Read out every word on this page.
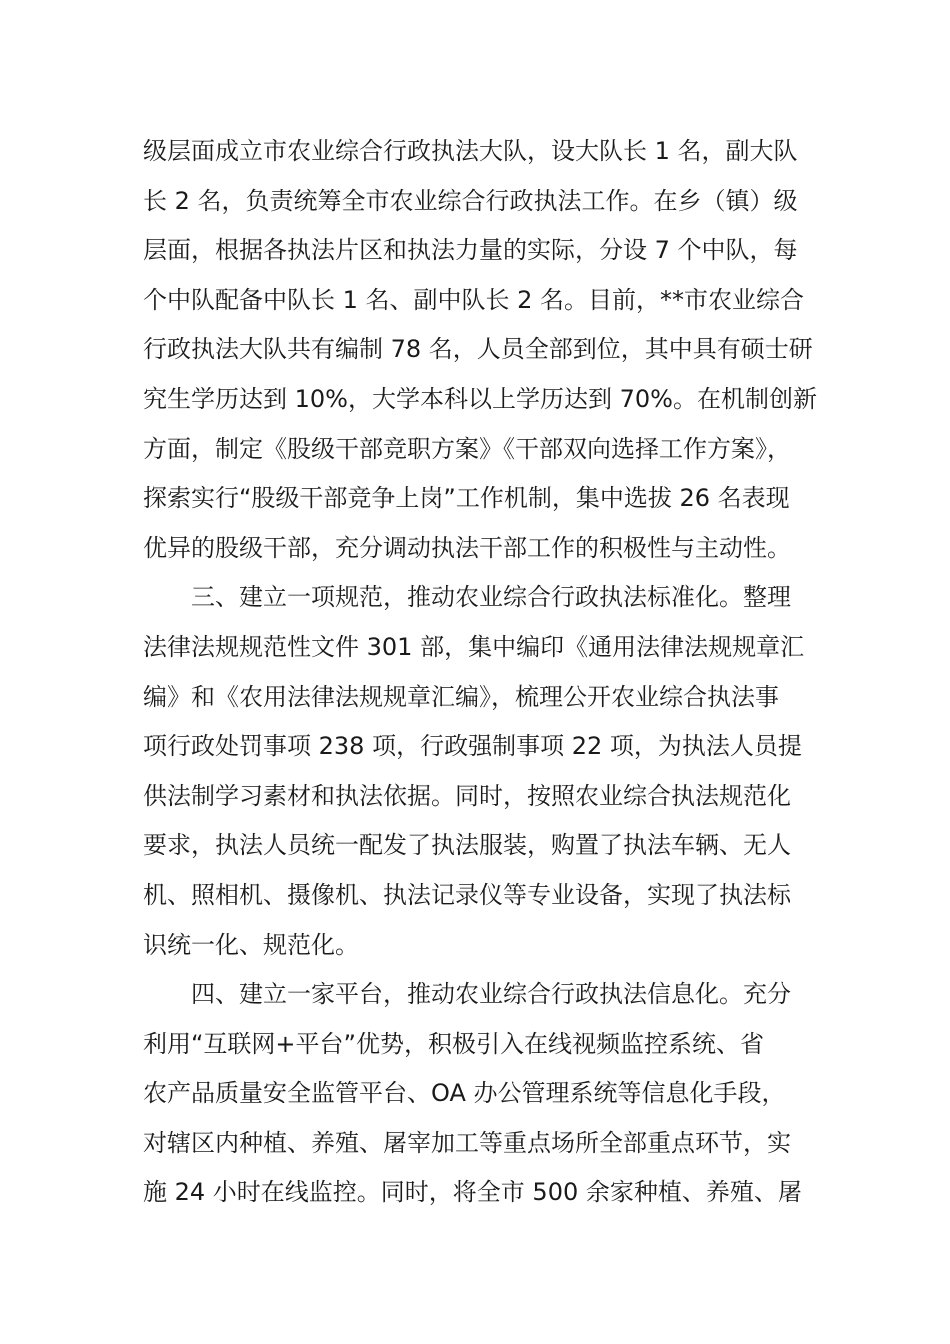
级层面成立市农业综合行政执法大队，设大队长 1 名，副大队
长 2 名，负责统筹全市农业综合行政执法工作。在乡（镇）级
层面，根据各执法片区和执法力量的实际，分设 7 个中队，每
个中队配备中队长 1 名、副中队长 2 名。目前，**市农业综合
行政执法大队共有编制 78 名，人员全部到位，其中具有硕士研
究生学历达到 10%，大学本科以上学历达到 70%。在机制创新
方面，制定《股级干部竞职方案》《干部双向选择工作方案》，
探索实行“股级干部竞争上岗”工作机制，集中选拔 26 名表现
优异的股级干部，充分调动执法干部工作的积极性与主动性。
三、建立一项规范，推动农业综合行政执法标准化。整理
法律法规规范性文件 301 部，集中编印《通用法律法规规章汇
编》和《农用法律法规规章汇编》，梳理公开农业综合执法事
项行政处罚事项 238 项，行政强制事项 22 项，为执法人员提
供法制学习素材和执法依据。同时，按照农业综合执法规范化
要求，执法人员统一配发了执法服装，购置了执法车辆、无人
机、照相机、摄像机、执法记录仪等专业设备，实现了执法标
识统一化、规范化。
四、建立一家平台，推动农业综合行政执法信息化。充分
利用“互联网+平台”优势，积极引入在线视频监控系统、省
农产品质量安全监管平台、OA 办公管理系统等信息化手段，
对辖区内种植、养殖、屠宰加工等重点场所全部重点环节，实
施 24 小时在线监控。同时，将全市 500 余家种植、养殖、屠
